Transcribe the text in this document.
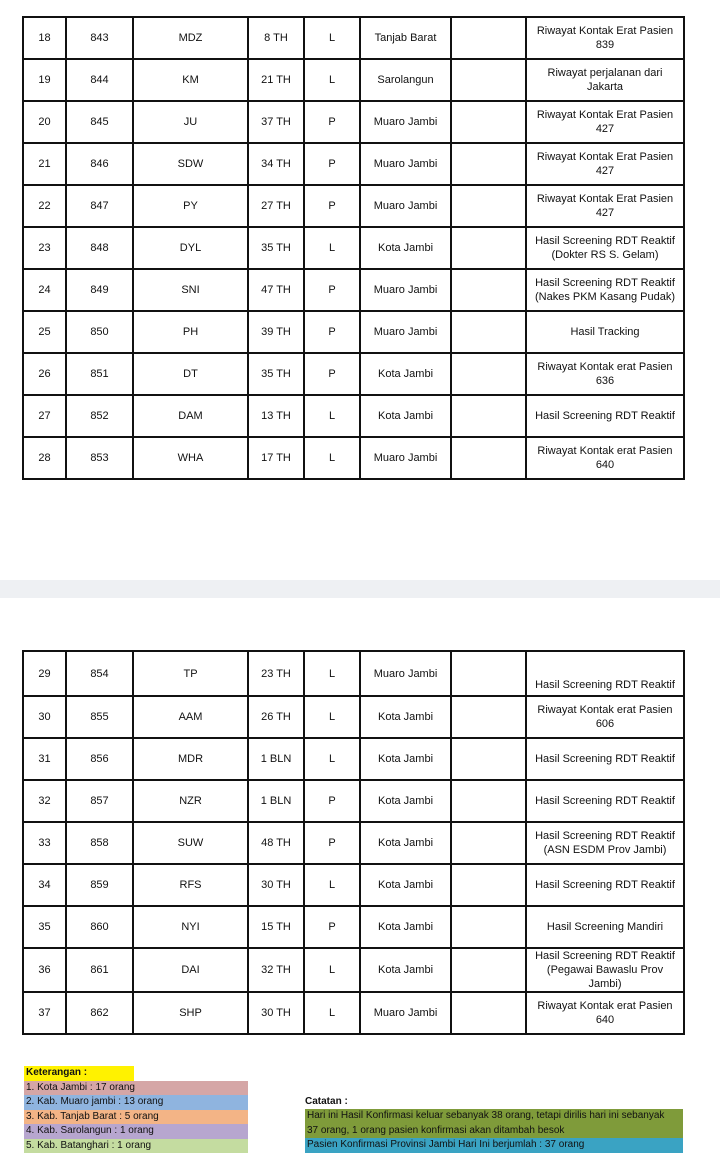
18	843	MDZ	8 TH	L	Tanjab Barat		Riwayat Kontak Erat Pasien 839
19	844	KM	21 TH	L	Sarolangun		Riwayat perjalanan dari Jakarta
20	845	JU	37 TH	P	Muaro Jambi		Riwayat Kontak Erat Pasien 427
21	846	SDW	34 TH	P	Muaro Jambi		Riwayat Kontak Erat Pasien 427
22	847	PY	27 TH	P	Muaro Jambi		Riwayat Kontak Erat Pasien 427
23	848	DYL	35 TH	L	Kota Jambi		Hasil Screening RDT Reaktif (Dokter RS S. Gelam)
24	849	SNI	47 TH	P	Muaro Jambi		Hasil Screening RDT Reaktif (Nakes PKM Kasang Pudak)
25	850	PH	39 TH	P	Muaro Jambi		Hasil Tracking
26	851	DT	35 TH	P	Kota Jambi		Riwayat Kontak erat Pasien 636
27	852	DAM	13 TH	L	Kota Jambi		Hasil Screening RDT Reaktif
28	853	WHA	17 TH	L	Muaro Jambi		Riwayat Kontak erat Pasien 640
29	854	TP	23 TH	L	Muaro Jambi		Hasil Screening RDT Reaktif
30	855	AAM	26 TH	L	Kota Jambi		Riwayat Kontak erat Pasien 606
31	856	MDR	1 BLN	L	Kota Jambi		Hasil Screening RDT Reaktif
32	857	NZR	1 BLN	P	Kota Jambi		Hasil Screening RDT Reaktif
33	858	SUW	48 TH	P	Kota Jambi		Hasil Screening RDT Reaktif (ASN ESDM Prov Jambi)
34	859	RFS	30 TH	L	Kota Jambi		Hasil Screening RDT Reaktif
35	860	NYI	15 TH	P	Kota Jambi		Hasil Screening Mandiri
36	861	DAI	32 TH	L	Kota Jambi		Hasil Screening RDT Reaktif (Pegawai Bawaslu Prov Jambi)
37	862	SHP	30 TH	L	Muaro Jambi		Riwayat Kontak erat Pasien 640
Keterangan :
1. Kota Jambi : 17 orang
2. Kab. Muaro jambi : 13 orang
3. Kab. Tanjab Barat : 5 orang
4. Kab. Sarolangun : 1 orang
5. Kab. Batanghari : 1 orang
Catatan :
Hari ini Hasil Konfirmasi keluar sebanyak 38 orang, tetapi dirilis hari ini sebanyak
37 orang, 1 orang pasien konfirmasi akan ditambah besok
Pasien Konfirmasi Provinsi Jambi Hari Ini berjumlah : 37 orang
